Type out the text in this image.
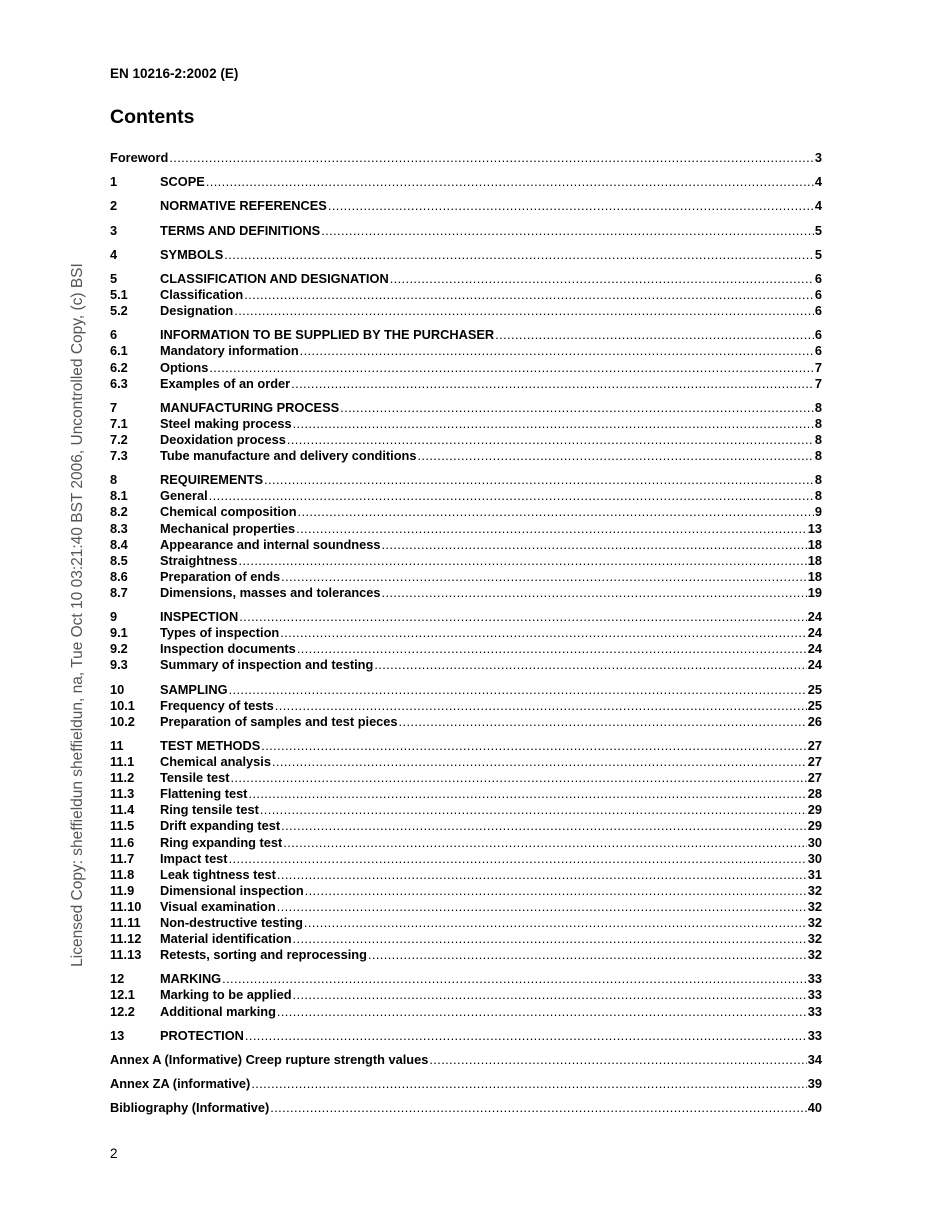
EN 10216-2:2002 (E)
Contents
Licensed Copy: sheffieldun sheffieldun, na, Tue Oct 10 03:21:40 BST 2006, Uncontrolled Copy, (c) BSI
Foreword .....	3
1	SCOPE .....	4
2	NORMATIVE REFERENCES .....	4
3	TERMS AND DEFINITIONS .....	5
4	SYMBOLS .....	5
5	CLASSIFICATION AND DESIGNATION .....	6
5.1	Classification .....	6
5.2	Designation .....	6
6	INFORMATION TO BE SUPPLIED BY THE PURCHASER .....	6
6.1	Mandatory information .....	6
6.2	Options .....	7
6.3	Examples of an order .....	7
7	MANUFACTURING PROCESS .....	8
7.1	Steel making process .....	8
7.2	Deoxidation process .....	8
7.3	Tube manufacture and delivery conditions .....	8
8	REQUIREMENTS .....	8
8.1	General .....	8
8.2	Chemical composition .....	9
8.3	Mechanical properties .....	13
8.4	Appearance and internal soundness .....	18
8.5	Straightness .....	18
8.6	Preparation of ends .....	18
8.7	Dimensions, masses and tolerances .....	19
9	INSPECTION .....	24
9.1	Types of inspection .....	24
9.2	Inspection documents .....	24
9.3	Summary of inspection and testing .....	24
10	SAMPLING .....	25
10.1	Frequency of tests .....	25
10.2	Preparation of samples and test pieces .....	26
11	TEST METHODS .....	27
11.1	Chemical analysis .....	27
11.2	Tensile test .....	27
11.3	Flattening test .....	28
11.4	Ring tensile test .....	29
11.5	Drift expanding test .....	29
11.6	Ring expanding test .....	30
11.7	Impact test .....	30
11.8	Leak tightness test .....	31
11.9	Dimensional inspection .....	32
11.10	Visual examination .....	32
11.11	Non-destructive testing .....	32
11.12	Material identification .....	32
11.13	Retests, sorting and reprocessing .....	32
12	MARKING .....	33
12.1	Marking to be applied .....	33
12.2	Additional marking .....	33
13	PROTECTION .....	33
Annex A (Informative) Creep rupture strength values .....	34
Annex ZA (informative) .....	39
Bibliography (Informative) .....	40
2
